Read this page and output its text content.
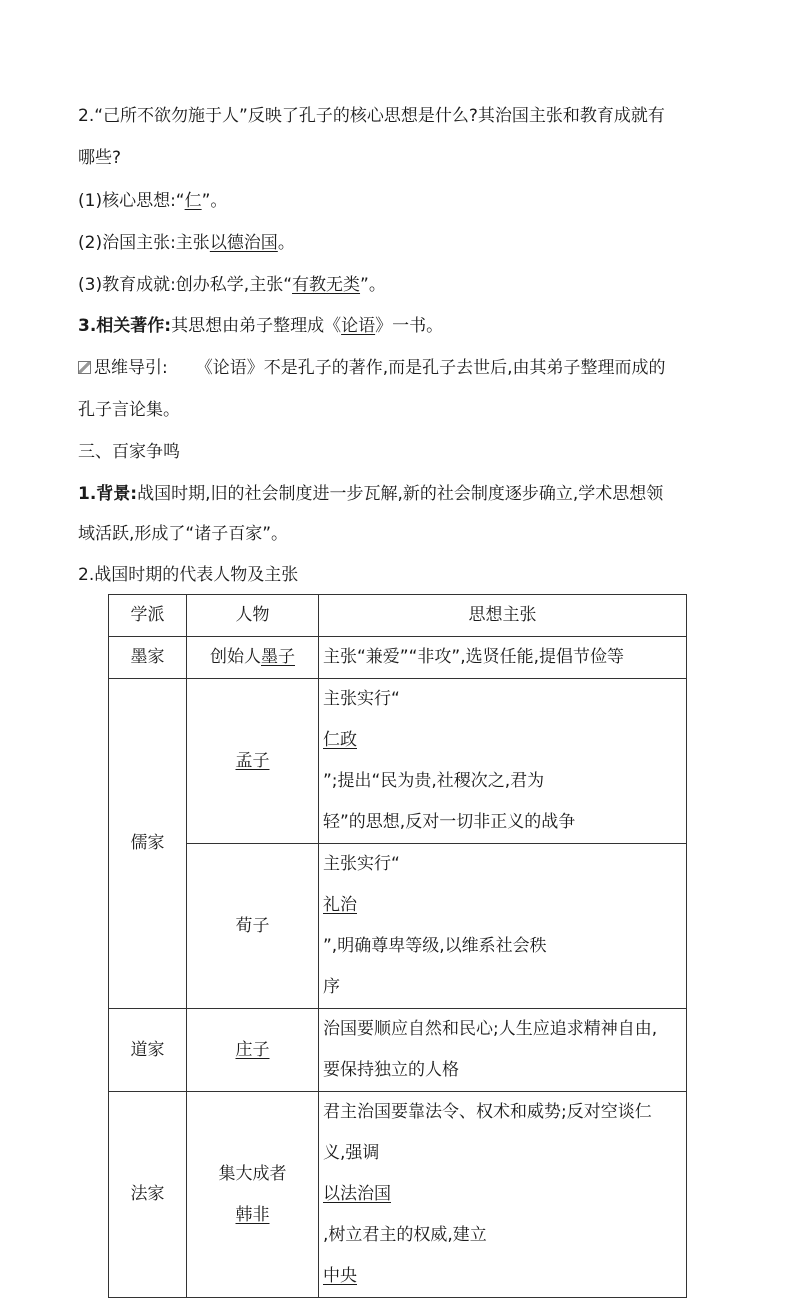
2.“己所不欲勿施于人”反映了孔子的核心思想是什么?其治国主张和教育成就有
哪些?
(1)核心思想:“仁”。
(2)治国主张:主张以德治国。
(3)教育成就:创办私学,主张“有教无类”。
3.相关著作:其思想由弟子整理成《论语》一书。
思维导引: 《论语》不是孔子的著作,而是孔子去世后,由其弟子整理而成的
孔子言论集。
三、百家争鸣
1.背景:战国时期,旧的社会制度进一步瓦解,新的社会制度逐步确立,学术思想领
域活跃,形成了“诸子百家”。
2.战国时期的代表人物及主张
学派	人物	思想主张
墨家	创始人墨子	主张“兼爱”“非攻”,选贤任能,提倡节俭等
儒家	孟子	主张实行“
仁政
”;提出“民为贵,社稷次之,君为
轻”的思想,反对一切非正义的战争

	荀子	主张实行“
礼治
”,明确尊卑等级,以维系社会秩
序

道家	庄子	治国要顺应自然和民心;人生应追求精神自由,
要保持独立的人格

法家	集大成者
韩非	君主治国要靠法令、权术和威势;反对空谈仁
义,强调
以法治国
,树立君主的权威,建立
中央
